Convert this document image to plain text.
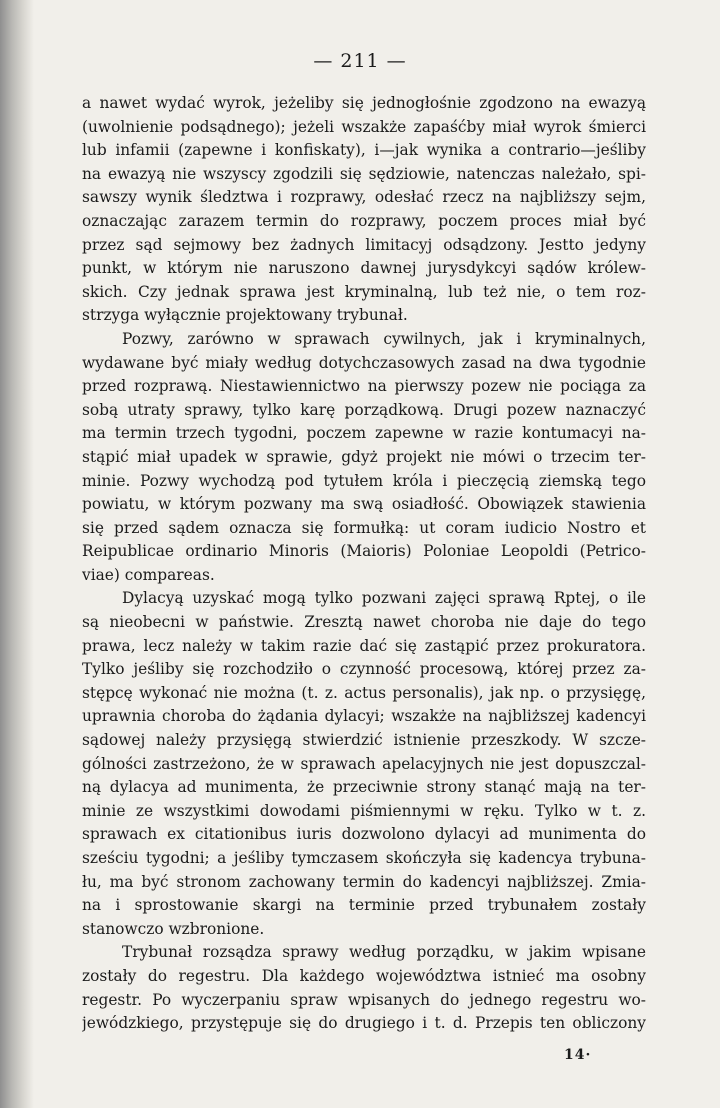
— 211 —
a nawet wydać wyrok, jeżeliby się jednogłośnie zgodzono na ewazyą
(uwolnienie podsądnego); jeżeli wszakże zapaśćby miał wyrok śmierci
lub infamii (zapewne i konfiskaty), i—jak wynika a contrario—jeśliby
na ewazyą nie wszyscy zgodzili się sędziowie, natenczas należało, spi-
sawszy wynik śledztwa i rozprawy, odesłać rzecz na najbliższy sejm,
oznaczając zarazem termin do rozprawy, poczem proces miał być
przez sąd sejmowy bez żadnych limitacyj odsądzony. Jestto jedyny
punkt, w którym nie naruszono dawnej jurysdykcyi sądów królew-
skich. Czy jednak sprawa jest kryminalną, lub też nie, o tem roz-
strzyga wyłącznie projektowany trybunał.
Pozwy, zarówno w sprawach cywilnych, jak i kryminalnych,
wydawane być miały według dotychczasowych zasad na dwa tygodnie
przed rozprawą. Niestawiennictwo na pierwszy pozew nie pociąga za
sobą utraty sprawy, tylko karę porządkową. Drugi pozew naznaczyć
ma termin trzech tygodni, poczem zapewne w razie kontumacyi na-
stąpić miał upadek w sprawie, gdyż projekt nie mówi o trzecim ter-
minie. Pozwy wychodzą pod tytułem króla i pieczęcią ziemską tego
powiatu, w którym pozwany ma swą osiadłość. Obowiązek stawienia
się przed sądem oznacza się formułką: ut coram iudicio Nostro et
Reipublicae ordinario Minoris (Maioris) Poloniae Leopoldi (Petrico-
viae) compareas.
Dylacyą uzyskać mogą tylko pozwani zajęci sprawą Rptej, o ile
są nieobecni w państwie. Zresztą nawet choroba nie daje do tego
prawa, lecz należy w takim razie dać się zastąpić przez prokuratora.
Tylko jeśliby się rozchodziło o czynność procesową, której przez za-
stępcę wykonać nie można (t. z. actus personalis), jak np. o przysięgę,
uprawnia choroba do żądania dylacyi; wszakże na najbliższej kadencyi
sądowej należy przysięgą stwierdzić istnienie przeszkody. W szcze-
gólności zastrzeżono, że w sprawach apelacyjnych nie jest dopuszczal-
ną dylacya ad munimenta, że przeciwnie strony stanąć mają na ter-
minie ze wszystkimi dowodami piśmiennymi w ręku. Tylko w t. z.
sprawach ex citationibus iuris dozwolono dylacyi ad munimenta do
sześciu tygodni; a jeśliby tymczasem skończyła się kadencya trybuna-
łu, ma być stronom zachowany termin do kadencyi najbliższej. Zmia-
na i sprostowanie skargi na terminie przed trybunałem zostały
stanowczo wzbronione.
Trybunał rozsądza sprawy według porządku, w jakim wpisane
zostały do regestru. Dla każdego województwa istnieć ma osobny
regestr. Po wyczerpaniu spraw wpisanych do jednego regestru wo-
jewódzkiego, przystępuje się do drugiego i t. d. Przepis ten obliczony
14·
